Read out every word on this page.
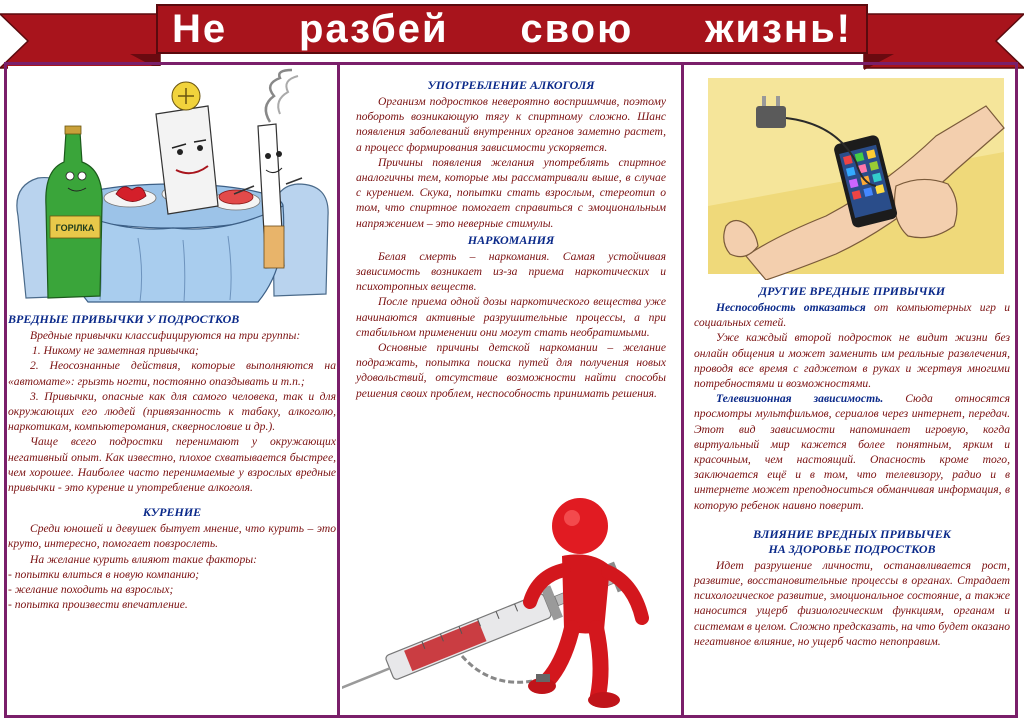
Не разбей свою жизнь!
ГОРІЛКА
ВРЕДНЫЕ ПРИВЫЧКИ У ПОДРОСТКОВ

Вредные привычки классифицируются на три группы:

1. Никому не заметная привычка;

2. Неосознанные действия, которые выполняются на «автомате»: грызть ногти, постоянно опаздывать и т.п.;

3. Привычки, опасные как для самого человека, так и для окружающих его людей (привязанность к табаку, алкоголю, наркотикам, компьютеромания, сквернословие и др.).

Чаще всего подростки перенимают у окружающих негативный опыт. Как известно, плохое схватывается быстрее, чем хорошее. Наиболее часто перенимаемые у взрослых вредные привычки - это курение и употребление алкоголя.

КУРЕНИЕ

Среди юношей и девушек бытует мнение, что курить – это круто, интересно, помогает повзрослеть.

На желание курить влияют такие факторы:

- попытки влиться в новую компанию;

- желание походить на взрослых;

- попытка произвести впечатление.

УПОТРЕБЛЕНИЕ АЛКОГОЛЯ

Организм подростков невероятно восприимчив, поэтому побороть возникающую тягу к спиртному сложно. Шанс появления заболеваний внутренних органов заметно растет, а процесс формирования зависимости ускоряется.

Причины появления желания употреблять спиртное аналогичны тем, которые мы рассматривали выше, в случае с курением. Скука, попытки стать взрослым, стереотип о том, что спиртное помогает справиться с эмоциональным напряжением – это неверные стимулы.

НАРКОМАНИЯ

Белая смерть – наркомания. Самая устойчивая зависимость возникает из-за приема наркотических и психотропных веществ.

После приема одной дозы наркотического вещества уже начинаются активные разрушительные процессы, а при стабильном применении они могут стать необратимыми.

Основные причины детской наркомании – желание подражать, попытка поиска путей для получения новых удовольствий, отсутствие возможности найти способы решения своих проблем, неспособность принимать решения.

ДРУГИЕ ВРЕДНЫЕ ПРИВЫЧКИ

Неспособность отказаться от компьютерных игр и социальных сетей.

Уже каждый второй подросток не видит жизни без онлайн общения и может заменить им реальные развлечения, проводя все время с гаджетом в руках и жертвуя многими потребностями и возможностями.

Телевизионная зависимость. Сюда относятся просмотры мультфильмов, сериалов через интернет, передач. Этот вид зависимости напоминает игровую, когда виртуальный мир кажется более понятным, ярким и красочным, чем настоящий. Опасность кроме того, заключается ещё и в том, что телевизору, радио и в интернете может преподноситься обманчивая информация, в которую ребенок наивно поверит.

ВЛИЯНИЕ ВРЕДНЫХ ПРИВЫЧЕК
НА ЗДОРОВЬЕ ПОДРОСТКОВ

Идет разрушение личности, останавливается рост, развитие, восстановительные процессы в органах. Страдает психологическое развитие, эмоциональное состояние, а также наносится ущерб физиологическим функциям, органам и системам в целом. Сложно предсказать, на что будет оказано негативное влияние, но ущерб часто непоправим.
